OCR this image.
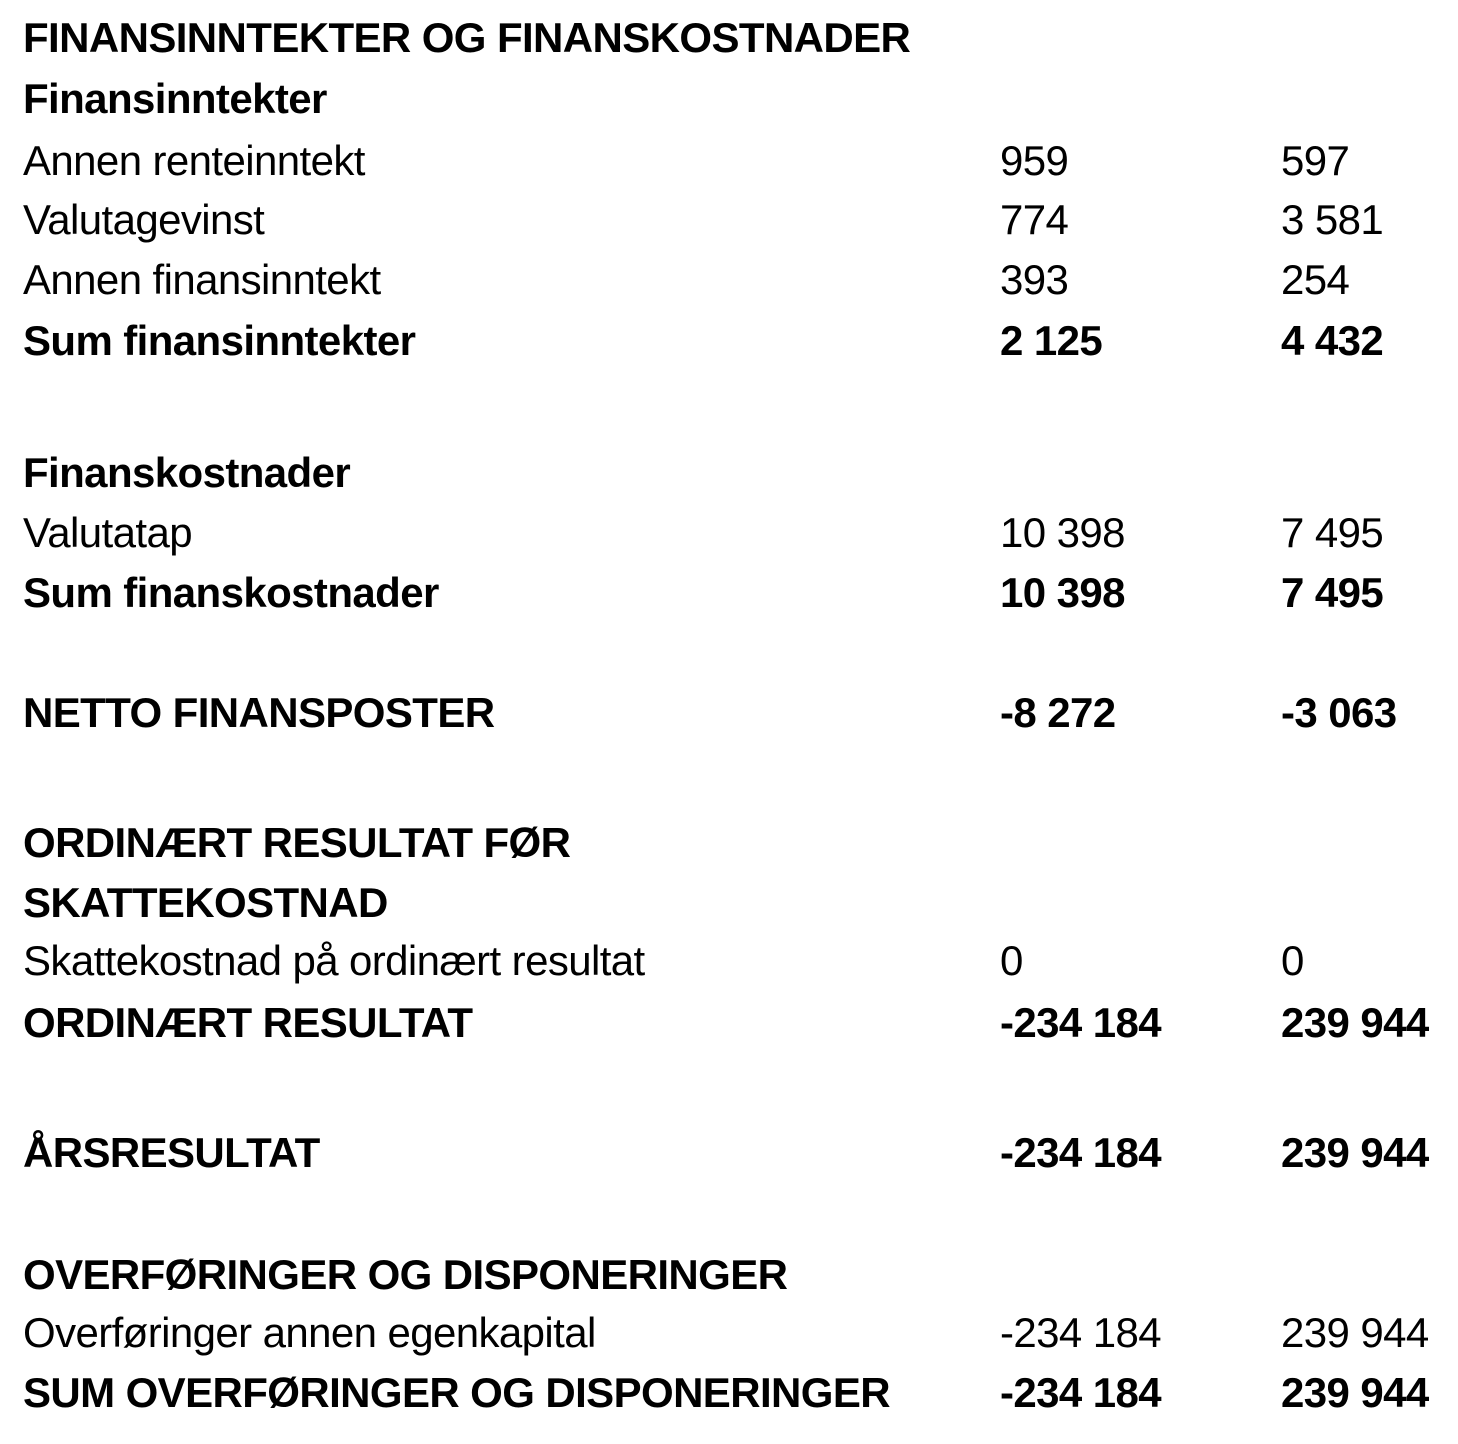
FINANSINNTEKTER OG FINANSKOSTNADER
Finansinntekter
Annen renteinntekt	959	597
Valutagevinst	774	3 581
Annen finansinntekt	393	254
Sum finansinntekter	2 125	4 432
Finanskostnader
Valutatap	10 398	7 495
Sum finanskostnader	10 398	7 495
NETTO FINANSPOSTER	-8 272	-3 063
ORDINÆRT RESULTAT FØR
SKATTEKOSTNAD
Skattekostnad på ordinært resultat	0	0
ORDINÆRT RESULTAT	-234 184	239 944
ÅRSRESULTAT	-234 184	239 944
OVERFØRINGER OG DISPONERINGER
Overføringer annen egenkapital	-234 184	239 944
SUM OVERFØRINGER OG DISPONERINGER	-234 184	239 944
